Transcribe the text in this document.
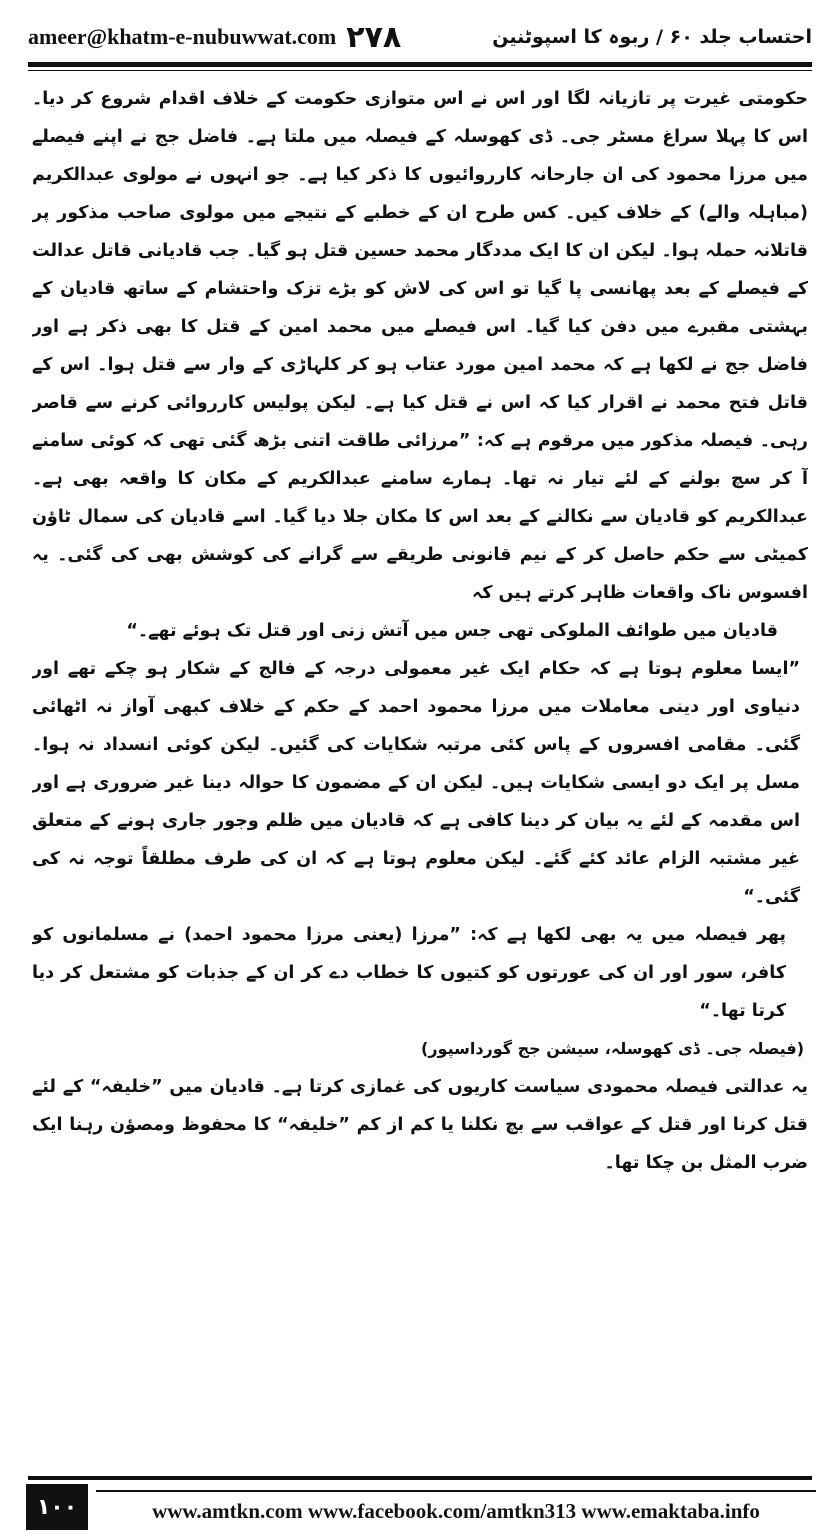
ameer@khatm-e-nubuwwat.com ۲۷۸	احتساب جلد ۶۰ / ربوہ کا اسپوٹنین

حکومتی غیرت پر تازیانہ لگا اور اس نے اس متوازی حکومت کے خلاف اقدام شروع کر دیا۔ اس کا پہلا سراغ مسٹر جی۔ ڈی کھوسلہ کے فیصلہ میں ملتا ہے۔ فاضل جج نے اپنے فیصلے میں مرزا محمود کی ان جارحانہ کارروائیوں کا ذکر کیا ہے۔ جو انہوں نے مولوی عبدالکریم (مباہلہ والے) کے خلاف کیں۔ کس طرح ان کے خطبے کے نتیجے میں مولوی صاحب مذکور پر قاتلانہ حملہ ہوا۔ لیکن ان کا ایک مددگار محمد حسین قتل ہو گیا۔ جب قادیانی قاتل عدالت کے فیصلے کے بعد پھانسی پا گیا تو اس کی لاش کو بڑے تزک واحتشام کے ساتھ قادیان کے بہشتی مقبرے میں دفن کیا گیا۔ اس فیصلے میں محمد امین کے قتل کا بھی ذکر ہے اور فاضل جج نے لکھا ہے کہ محمد امین مورد عتاب ہو کر کلہاڑی کے وار سے قتل ہوا۔ اس کے قاتل فتح محمد نے اقرار کیا کہ اس نے قتل کیا ہے۔ لیکن پولیس کارروائی کرنے سے قاصر رہی۔ فیصلہ مذکور میں مرقوم ہے کہ: ”مرزائی طاقت اتنی بڑھ گئی تھی کہ کوئی سامنے آ کر سچ بولنے کے لئے تیار نہ تھا۔ ہمارے سامنے عبدالکریم کے مکان کا واقعہ بھی ہے۔ عبدالکریم کو قادیان سے نکالنے کے بعد اس کا مکان جلا دیا گیا۔ اسے قادیان کی سمال ٹاؤن کمیٹی سے حکم حاصل کر کے نیم قانونی طریقے سے گرانے کی کوشش بھی کی گئی۔ یہ افسوس ناک واقعات ظاہر کرتے ہیں کہ

قادیان میں طوائف الملوکی تھی جس میں آتش زنی اور قتل تک ہوئے تھے۔“

”ایسا معلوم ہوتا ہے کہ حکام ایک غیر معمولی درجہ کے فالج کے شکار ہو چکے تھے اور دنیاوی اور دینی معاملات میں مرزا محمود احمد کے حکم کے خلاف کبھی آواز نہ اٹھائی گئی۔ مقامی افسروں کے پاس کئی مرتبہ شکایات کی گئیں۔ لیکن کوئی انسداد نہ ہوا۔ مسل پر ایک دو ایسی شکایات ہیں۔ لیکن ان کے مضمون کا حوالہ دینا غیر ضروری ہے اور اس مقدمہ کے لئے یہ بیان کر دینا کافی ہے کہ قادیان میں ظلم وجور جاری ہونے کے متعلق غیر مشتبہ الزام عائد کئے گئے۔ لیکن معلوم ہوتا ہے کہ ان کی طرف مطلقاً توجہ نہ کی گئی۔“

پھر فیصلہ میں یہ بھی لکھا ہے کہ: ”مرزا (یعنی مرزا محمود احمد) نے مسلمانوں کو کافر، سور اور ان کی عورتوں کو کتیوں کا خطاب دے کر ان کے جذبات کو مشتعل کر دیا کرتا تھا۔“

(فیصلہ جی۔ ڈی کھوسلہ، سیشن جج گورداسپور)

یہ عدالتی فیصلہ محمودی سیاست کاریوں کی غمازی کرتا ہے۔ قادیان میں ”خلیفہ“ کے لئے قتل کرنا اور قتل کے عواقب سے بچ نکلنا یا کم از کم ”خلیفہ“ کا محفوظ ومصؤن رہنا ایک ضرب المثل بن چکا تھا۔

۱۰۰	www.amtkn.com www.facebook.com/amtkn313 www.emaktaba.info
